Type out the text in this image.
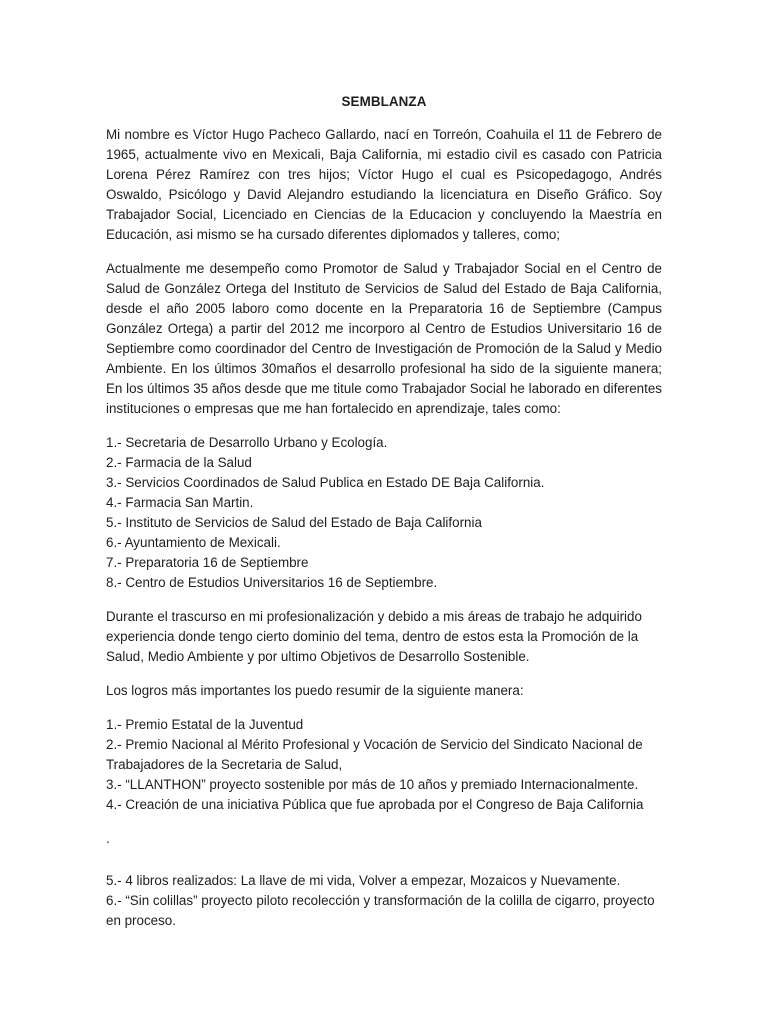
SEMBLANZA

Mi nombre es Víctor Hugo Pacheco Gallardo, nací en Torreón, Coahuila el 11 de Febrero de 1965, actualmente vivo en Mexicali, Baja California, mi estadio civil es casado con Patricia Lorena Pérez Ramírez con tres hijos; Víctor Hugo el cual es Psicopedagogo, Andrés Oswaldo, Psicólogo y David Alejandro estudiando la licenciatura en Diseño Gráfico. Soy Trabajador Social, Licenciado en Ciencias de la Educacion y concluyendo la Maestría en Educación, asi mismo se ha cursado diferentes diplomados y talleres, como;

Actualmente me desempeño como Promotor de Salud y Trabajador Social en el Centro de Salud de González Ortega del Instituto de Servicios de Salud del Estado de Baja California, desde el año 2005 laboro como docente en la Preparatoria 16 de Septiembre (Campus González Ortega) a partir del 2012 me incorporo al Centro de Estudios Universitario 16 de Septiembre como coordinador del Centro de Investigación de Promoción de la Salud y Medio Ambiente. En los últimos 30maños el desarrollo profesional ha sido de la siguiente manera; En los últimos 35 años desde que me titule como Trabajador Social he laborado en diferentes instituciones o empresas que me han fortalecido en aprendizaje, tales como:

1.- Secretaria de Desarrollo Urbano y Ecología.
2.- Farmacia de la Salud
3.- Servicios Coordinados de Salud Publica en Estado DE Baja California.
4.- Farmacia San Martin.
5.- Instituto de Servicios de Salud del Estado de Baja California
6.- Ayuntamiento de Mexicali.
7.- Preparatoria 16 de Septiembre
8.- Centro de Estudios Universitarios 16 de Septiembre.

Durante el trascurso en mi profesionalización y debido a mis áreas de trabajo he adquirido experiencia donde tengo cierto dominio del tema, dentro de estos esta la Promoción de la Salud, Medio Ambiente y por ultimo Objetivos de Desarrollo Sostenible.

Los logros más importantes los puedo resumir de la siguiente manera:

1.- Premio Estatal de la Juventud
2.- Premio Nacional al Mérito Profesional y Vocación de Servicio del Sindicato Nacional de Trabajadores de la Secretaria de Salud,
3.- “LLANTHON” proyecto sostenible por más de 10 años y premiado Internacionalmente.
4.- Creación de una iniciativa Pública que fue aprobada por el Congreso de Baja California
.
5.- 4 libros realizados: La llave de mi vida, Volver a empezar, Mozaicos y Nuevamente.
6.- “Sin colillas” proyecto piloto recolección y transformación de la colilla de cigarro, proyecto en proceso.
